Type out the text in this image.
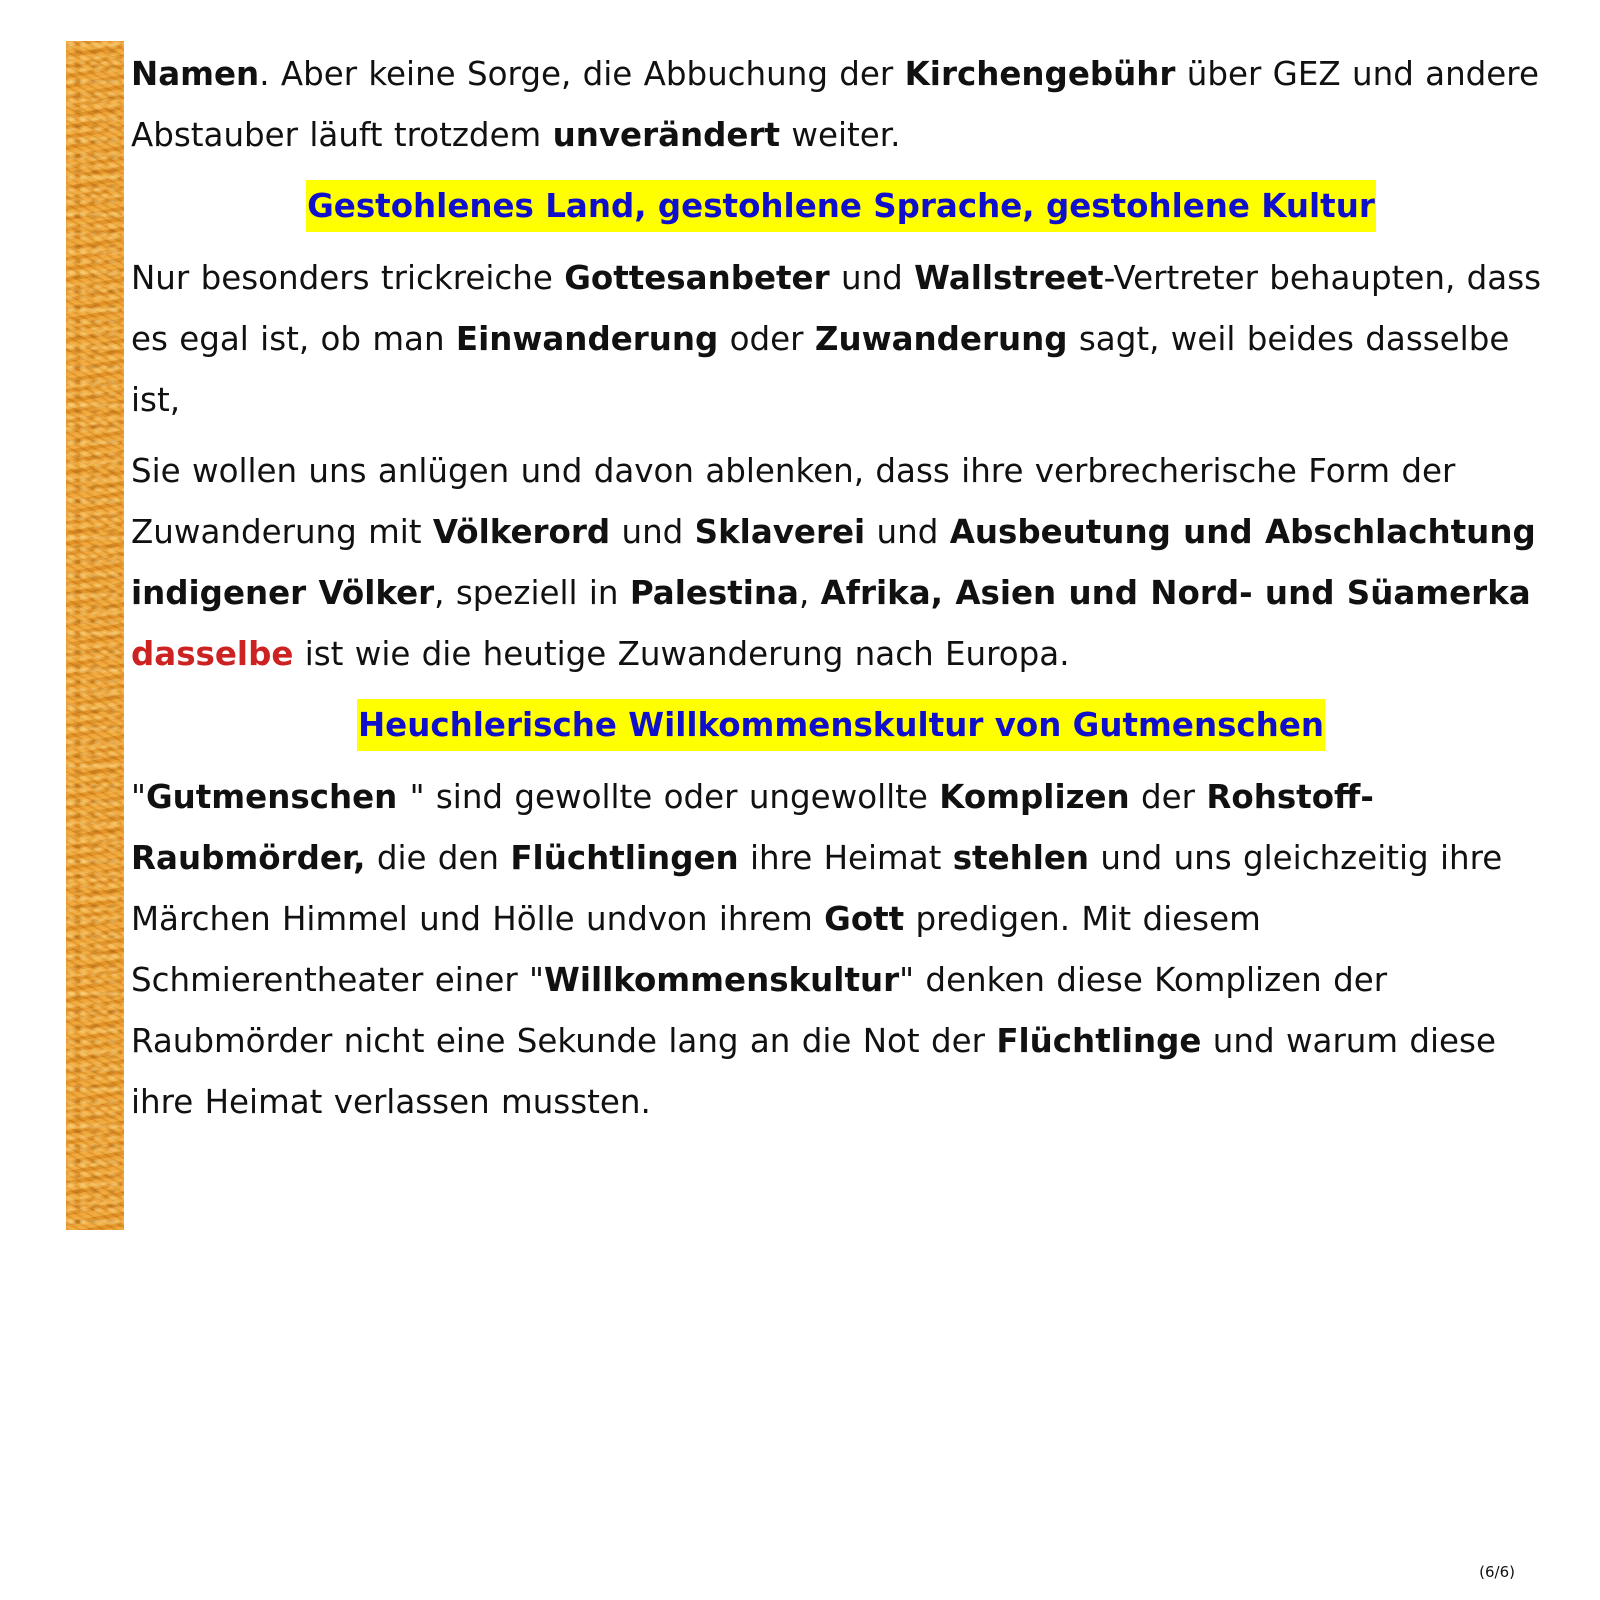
Namen. Aber keine Sorge, die Abbuchung der Kirchengebühr über GEZ und andere Abstauber läuft trotzdem unverändert weiter.

Gestohlenes Land, gestohlene Sprache, gestohlene Kultur

Nur besonders trickreiche Gottesanbeter und Wallstreet-Vertreter behaupten, dass es egal ist, ob man Einwanderung oder Zuwanderung sagt, weil beides dasselbe ist,

Sie wollen uns anlügen und davon ablenken, dass ihre verbrecherische Form der Zuwanderung mit Völkerord und Sklaverei und Ausbeutung und Abschlachtung indigener Völker, speziell in Palestina, Afrika, Asien und Nord- und Süamerka dasselbe ist wie die heutige Zuwanderung nach Europa.

Heuchlerische Willkommenskultur von Gutmenschen

"Gutmenschen " sind gewollte oder ungewollte Komplizen der Rohstoff-Raubmörder, die den Flüchtlingen ihre Heimat stehlen und uns gleichzeitig ihre Märchen Himmel und Hölle undvon ihrem Gott predigen. Mit diesem Schmierentheater einer "Willkommenskultur" denken diese Komplizen der Raubmörder nicht eine Sekunde lang an die Not der Flüchtlinge und warum diese ihre Heimat verlassen mussten.

(6/6)
